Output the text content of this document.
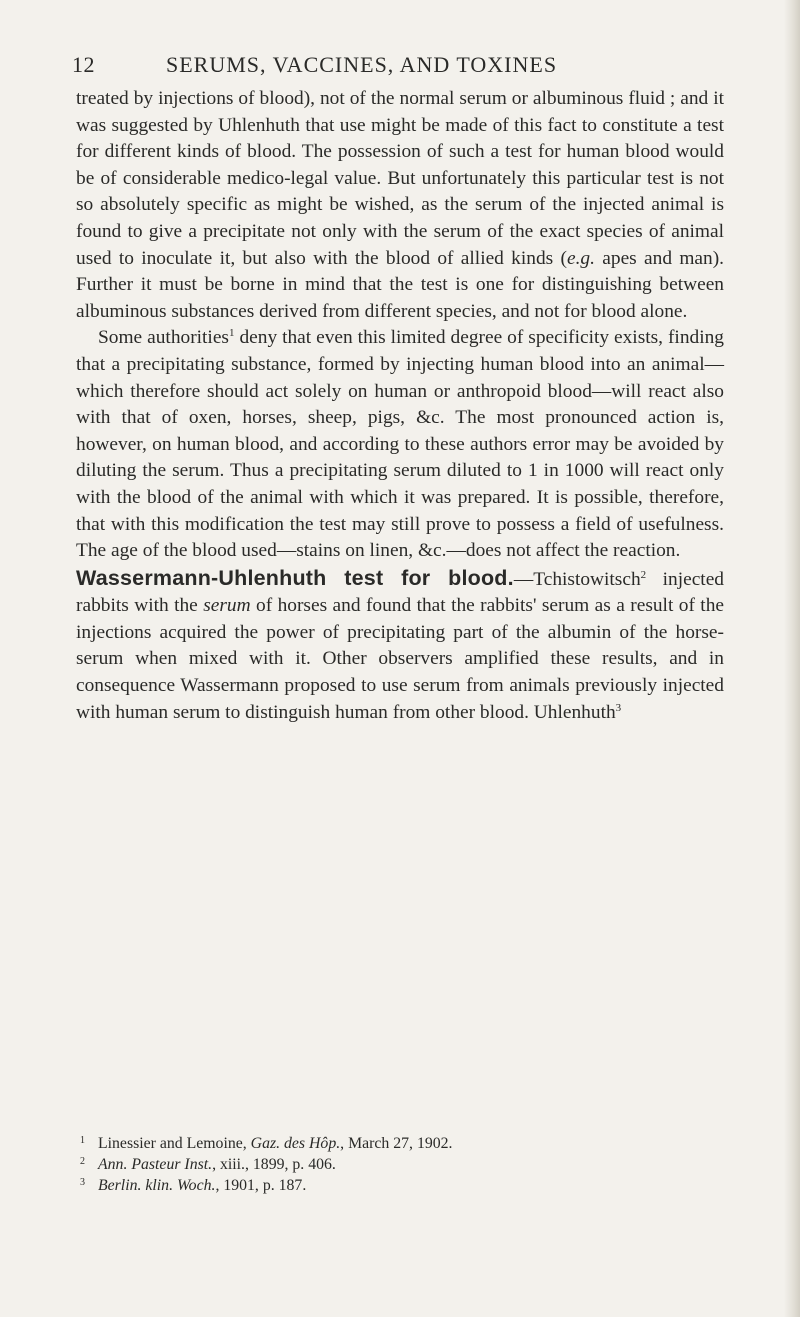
12	SERUMS, VACCINES, AND TOXINES

treated by injections of blood), not of the normal serum or albuminous fluid ; and it was suggested by Uhlenhuth that use might be made of this fact to constitute a test for different kinds of blood. The possession of such a test for human blood would be of considerable medico-legal value. But unfortunately this particular test is not so absolutely specific as might be wished, as the serum of the injected animal is found to give a precipitate not only with the serum of the exact species of animal used to inoculate it, but also with the blood of allied kinds (e.g. apes and man). Further it must be borne in mind that the test is one for distinguishing between albuminous substances derived from different species, and not for blood alone.

Some authorities$^1$ deny that even this limited degree of specificity exists, finding that a precipitating substance, formed by injecting human blood into an animal—which therefore should act solely on human or anthropoid blood—will react also with that of oxen, horses, sheep, pigs, &c. The most pronounced action is, however, on human blood, and according to these authors error may be avoided by diluting the serum. Thus a precipitating serum diluted to 1 in 1000 will react only with the blood of the animal with which it was prepared. It is possible, therefore, that with this modification the test may still prove to possess a field of usefulness. The age of the blood used—stains on linen, &c.—does not affect the reaction.

Wassermann-Uhlenhuth test for blood.—Tchistowitsch$^2$ injected rabbits with the serum of horses and found that the rabbits' serum as a result of the injections acquired the power of precipitating part of the albumin of the horse-serum when mixed with it. Other observers amplified these results, and in consequence Wassermann proposed to use serum from animals previously injected with human serum to distinguish human from other blood. Uhlenhuth$^3$

1 Linessier and Lemoine, Gaz. des Hôp., March 27, 1902.
2 Ann. Pasteur Inst., xiii., 1899, p. 406.
3 Berlin. klin. Woch., 1901, p. 187.
